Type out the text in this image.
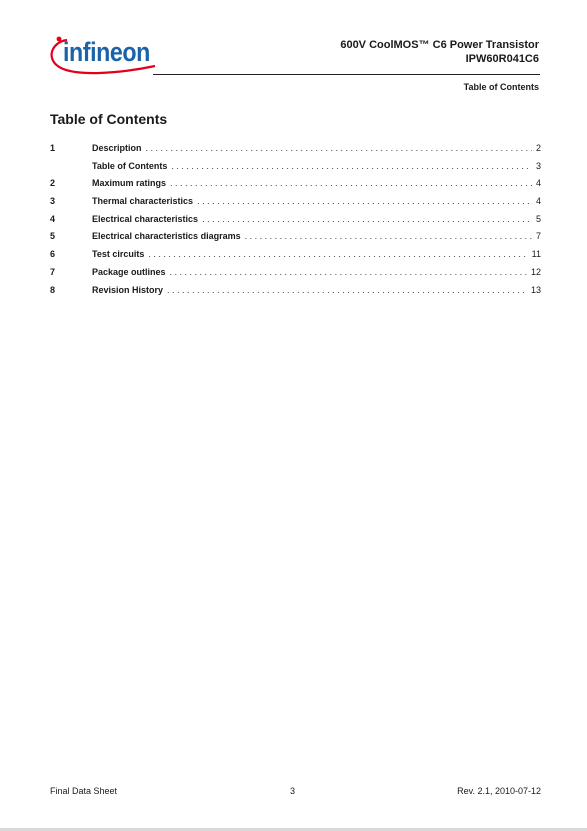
infineon	600V CoolMOS™ C6 Power Transistor
IPW60R041C6
Table of Contents
Table of Contents
1	Description . . .	2
Table of Contents . . .	3
2	Maximum ratings . . .	4
3	Thermal characteristics . . .	4
4	Electrical characteristics . . .	5
5	Electrical characteristics diagrams . . .	7
6	Test circuits . . .	11
7	Package outlines . . .	12
8	Revision History . . .	13
Final Data Sheet	3	Rev. 2.1, 2010-07-12
